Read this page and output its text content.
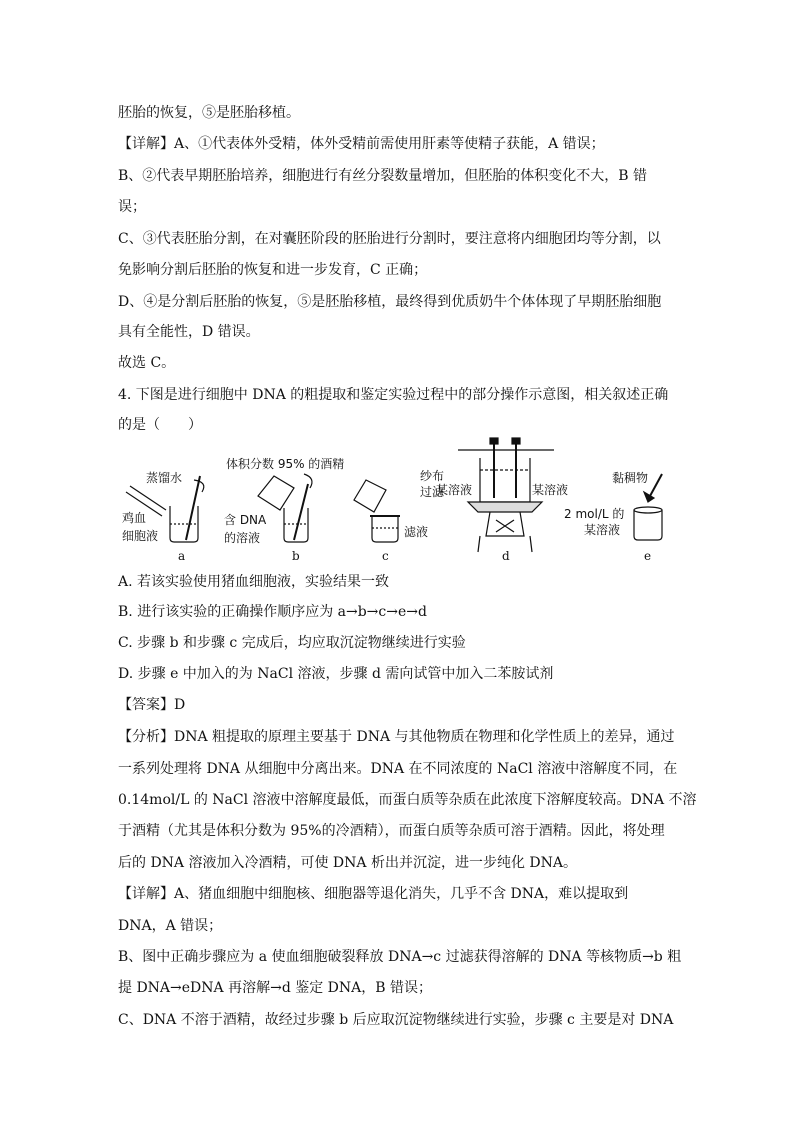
胚胎的恢复，⑤是胚胎移植。
【详解】A、①代表体外受精，体外受精前需使用肝素等使精子获能，A 错误；
B、②代表早期胚胎培养，细胞进行有丝分裂数量增加，但胚胎的体积变化不大，B 错
误；
C、③代表胚胎分割，在对囊胚阶段的胚胎进行分割时，要注意将内细胞团均等分割，以
免影响分割后胚胎的恢复和进一步发育，C 正确；
D、④是分割后胚胎的恢复，⑤是胚胎移植，最终得到优质奶牛个体体现了早期胚胎细胞
具有全能性，D 错误。
故选 C。
4. 下图是进行细胞中 DNA 的粗提取和鉴定实验过程中的部分操作示意图，相关叙述正确
的是（　　）
蒸馏水
鸡血
细胞液
体积分数 95% 的酒精
含 DNA
的溶液
纱布
过滤
滤液
某溶液	某溶液
黏稠物
2 mol/L 的
某溶液
a	b	c	d	e
A. 若该实验使用猪血细胞液，实验结果一致
B. 进行该实验的正确操作顺序应为 a→b→c→e→d
C. 步骤 b 和步骤 c 完成后，均应取沉淀物继续进行实验
D. 步骤 e 中加入的为 NaCl 溶液，步骤 d 需向试管中加入二苯胺试剂
【答案】D
【分析】DNA 粗提取的原理主要基于 DNA 与其他物质在物理和化学性质上的差异，通过
一系列处理将 DNA 从细胞中分离出来。DNA 在不同浓度的 NaCl 溶液中溶解度不同，在
0.14mol/L 的 NaCl 溶液中溶解度最低，而蛋白质等杂质在此浓度下溶解度较高。DNA 不溶
于酒精（尤其是体积分数为 95%的冷酒精），而蛋白质等杂质可溶于酒精。因此，将处理
后的 DNA 溶液加入冷酒精，可使 DNA 析出并沉淀，进一步纯化 DNA。
【详解】A、猪血细胞中细胞核、细胞器等退化消失，几乎不含 DNA，难以提取到
DNA，A 错误；
B、图中正确步骤应为 a 使血细胞破裂释放 DNA→c 过滤获得溶解的 DNA 等核物质→b 粗
提 DNA→eDNA 再溶解→d 鉴定 DNA，B 错误；
C、DNA 不溶于酒精，故经过步骤 b 后应取沉淀物继续进行实验，步骤 c 主要是对 DNA
